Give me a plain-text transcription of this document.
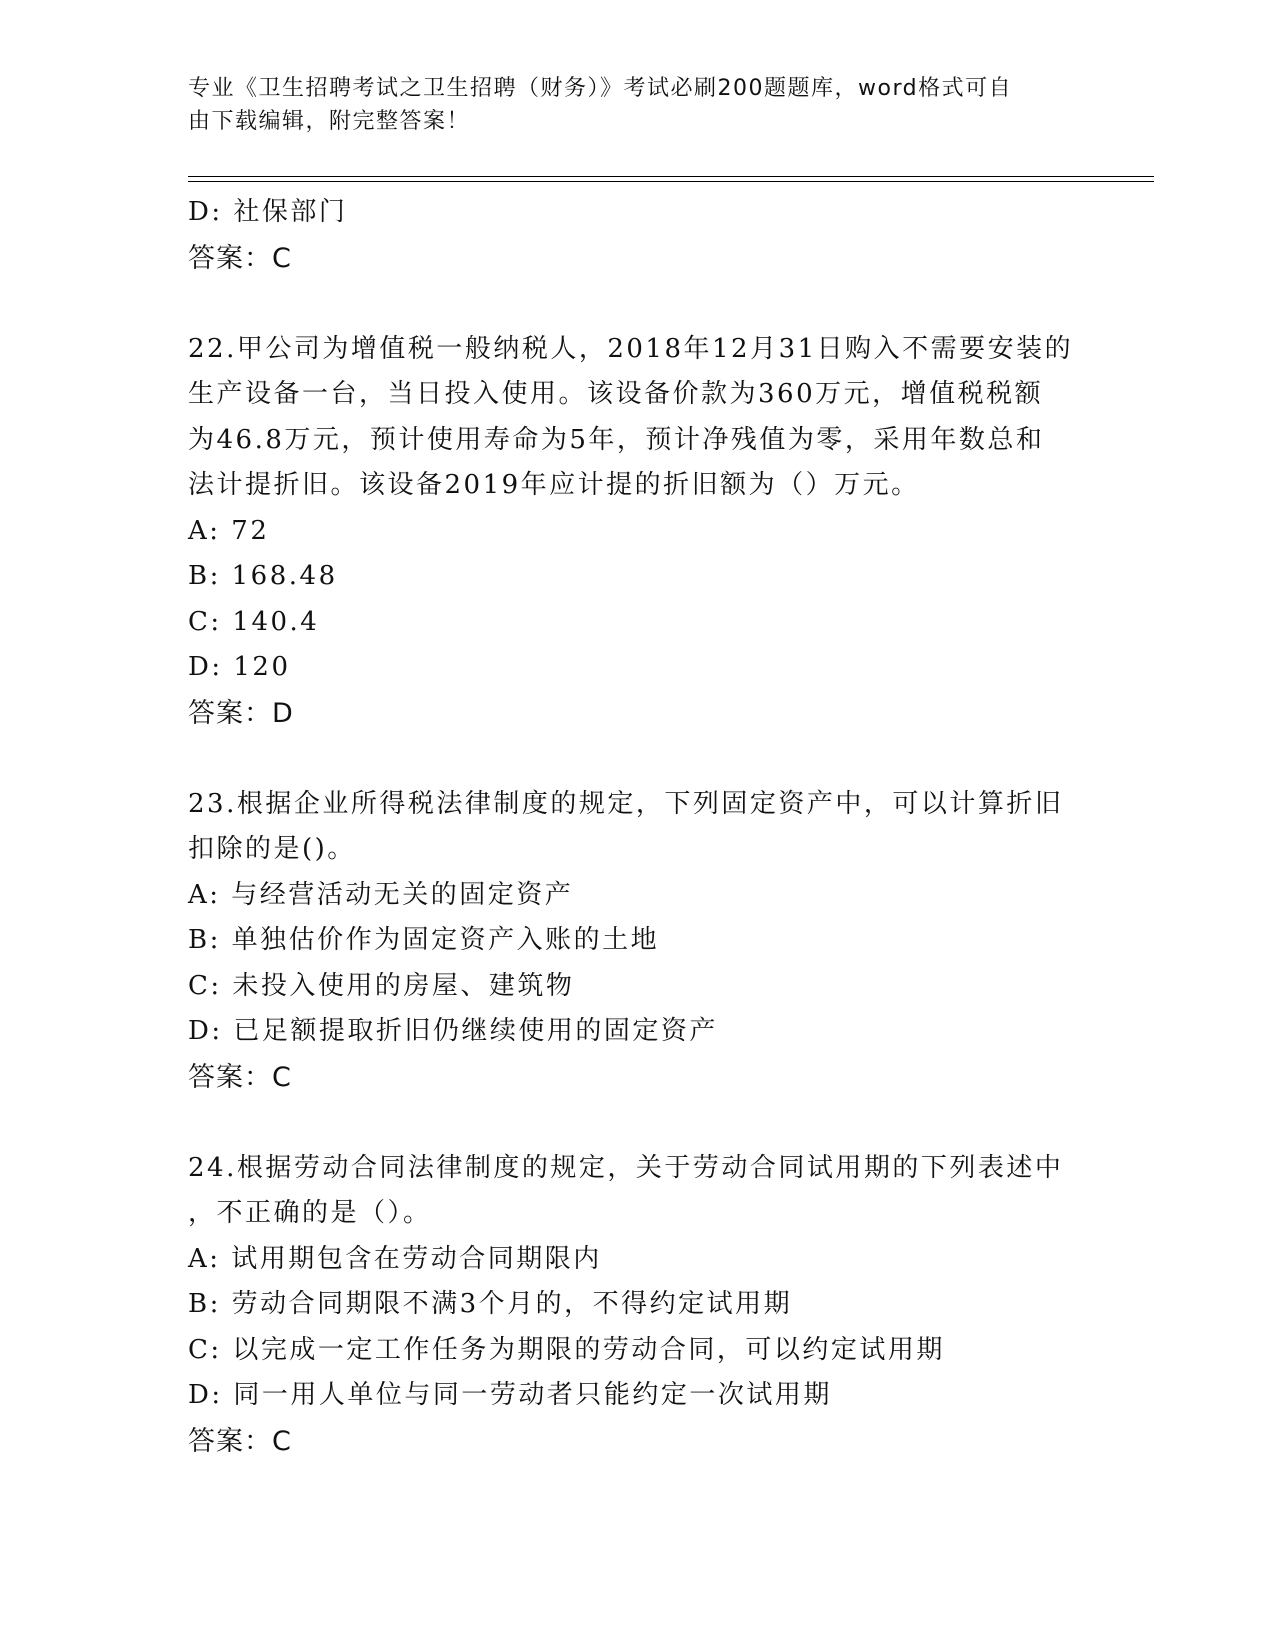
专业《卫生招聘考试之卫生招聘（财务）》考试必刷200题题库，word格式可自
由下载编辑，附完整答案！
D: 社保部门
答案：C
22.甲公司为增值税一般纳税人，2018年12月31日购入不需要安装的
生产设备一台，当日投入使用。该设备价款为360万元，增值税税额
为46.8万元，预计使用寿命为5年，预计净残值为零，采用年数总和
法计提折旧。该设备2019年应计提的折旧额为（）万元。
A: 72
B: 168.48
C: 140.4
D: 120
答案：D
23.根据企业所得税法律制度的规定，下列固定资产中，可以计算折旧
扣除的是()。
A: 与经营活动无关的固定资产
B: 单独估价作为固定资产入账的土地
C: 未投入使用的房屋、建筑物
D: 已足额提取折旧仍继续使用的固定资产
答案：C
24.根据劳动合同法律制度的规定，关于劳动合同试用期的下列表述中
，不正确的是（）。
A: 试用期包含在劳动合同期限内
B: 劳动合同期限不满3个月的，不得约定试用期
C: 以完成一定工作任务为期限的劳动合同，可以约定试用期
D: 同一用人单位与同一劳动者只能约定一次试用期
答案：C
